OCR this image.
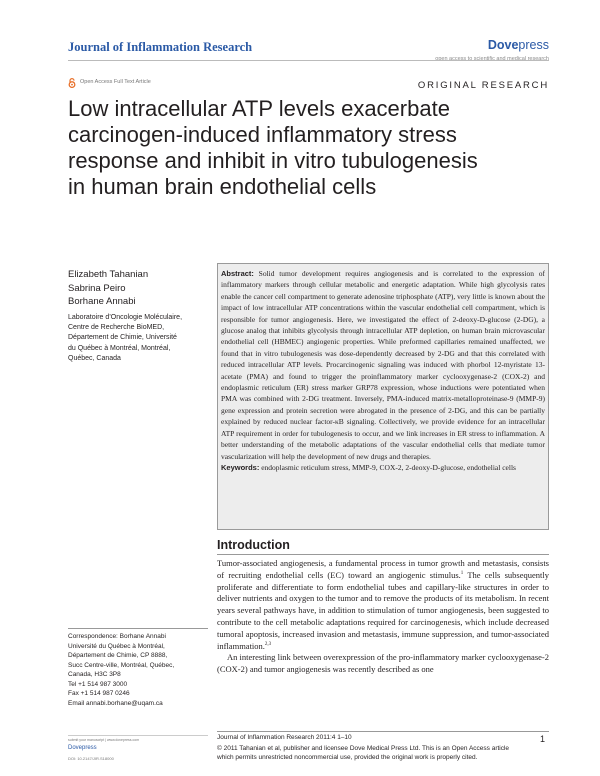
Journal of Inflammation Research	Dovepress
open access to scientific and medical research
Open Access Full Text Article	ORIGINAL RESEARCH
Low intracellular ATP levels exacerbate
carcinogen-induced inflammatory stress
response and inhibit in vitro tubulogenesis
in human brain endothelial cells
Elizabeth Tahanian
Sabrina Peiro
Borhane Annabi
Laboratoire d’Oncologie Moléculaire,
Centre de Recherche BioMED,
Département de Chimie, Université
du Québec à Montréal, Montréal,
Québec, Canada
Abstract: Solid tumor development requires angiogenesis and is correlated to the expression of inflammatory markers through cellular metabolic and energetic adaptation. While high glycolysis rates enable the cancer cell compartment to generate adenosine triphosphate (ATP), very little is known about the impact of low intracellular ATP concentrations within the vascular endothelial cell compartment, which is responsible for tumor angiogenesis. Here, we investigated the effect of 2-deoxy-D-glucose (2-DG), a glucose analog that inhibits glycolysis through intracellular ATP depletion, on human brain microvascular endothelial cell (HBMEC) angiogenic properties. While preformed capillaries remained unaffected, we found that in vitro tubulogenesis was dose-dependently decreased by 2-DG and that this correlated with reduced intracellular ATP levels. Procarcinogenic signaling was induced with phorbol 12-myristate 13-acetate (PMA) and found to trigger the proinflammatory marker cyclooxygenase-2 (COX-2) and endoplasmic reticulum (ER) stress marker GRP78 expression, whose inductions were potentiated when PMA was combined with 2-DG treatment. Inversely, PMA-induced matrix-metalloproteinase-9 (MMP-9) gene expression and protein secretion were abrogated in the presence of 2-DG, and this can be partially explained by reduced nuclear factor-κB signaling. Collectively, we provide evidence for an intracellular ATP requirement in order for tubulogenesis to occur, and we link increases in ER stress to inflammation. A better understanding of the metabolic adaptations of the vascular endothelial cells that mediate tumor vascularization will help the development of new drugs and therapies.
Keywords: endoplasmic reticulum stress, MMP-9, COX-2, 2-deoxy-D-glucose, endothelial cells
Introduction

Tumor-associated angiogenesis, a fundamental process in tumor growth and metastasis, consists of recruiting endothelial cells (EC) toward an angiogenic stimulus.$^1$ The cells subsequently proliferate and differentiate to form endothelial tubes and capillary-like structures in order to deliver nutrients and oxygen to the tumor and to remove the products of its metabolism. In recent years several pathways have, in addition to stimulation of tumor angiogenesis, been suggested to contribute to the cell metabolic adaptations required for carcinogenesis, which include decreased tumoral apoptosis, increased invasion and metastasis, immune suppression, and tumor-associated inflammation.$^{2,3}$

An interesting link between overexpression of the pro-inflammatory marker cyclooxygenase-2 (COX-2) and tumor angiogenesis was recently described as one

Correspondence: Borhane Annabi
Université du Québec à Montréal,
Département de Chimie, CP 8888,
Succ Centre-ville, Montréal, Québec,
Canada, H3C 3P8
Tel +1 514 987 3000
Fax +1 514 987 0246
Email annabi.borhane@uqam.ca
submit your manuscript | www.dovepress.com
Dovepress
DOI: 10.2147/JIR.S18000
Journal of Inflammation Research 2011:4 1–10	1
© 2011 Tahanian et al, publisher and licensee Dove Medical Press Ltd. This is an Open Access article
which permits unrestricted noncommercial use, provided the original work is properly cited.
